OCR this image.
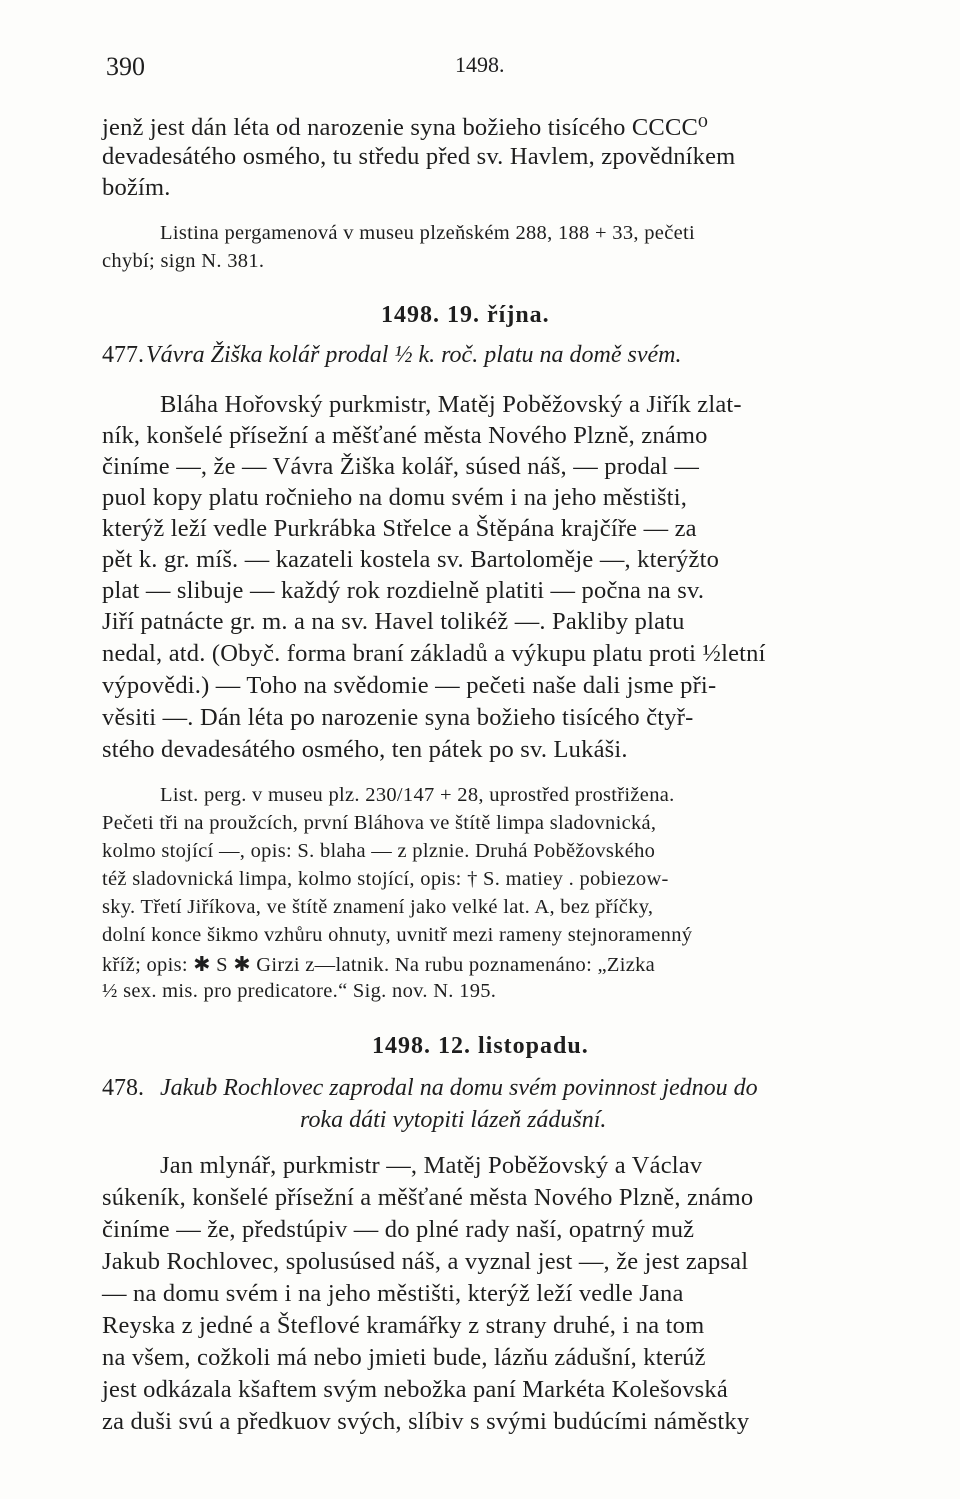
390	1498.
jenž jest dán léta od narozenie syna božieho tisícého CCCC⁰
devadesátého osmého, tu středu před sv. Havlem, zpovědníkem
božím.
Listina pergamenová v museu plzeňském 288, 188 + 33, pečeti
chybí; sign N. 381.
1498. 19. října.
477. Vávra Žiška kolář prodal ½ k. roč. platu na domě svém.
Bláha Hořovský purkmistr, Matěj Poběžovský a Jiřík zlat-
ník, konšelé přísežní a měšťané města Nového Plzně, známo
činíme —, že — Vávra Žiška kolář, súsed náš, — prodal —
puol kopy platu ročnieho na domu svém i na jeho městišti,
kterýž leží vedle Purkrábka Střelce a Štěpána krajčíře — za
pět k. gr. míš. — kazateli kostela sv. Bartoloměje —, kterýžto
plat — slibuje — každý rok rozdielně platiti — počna na sv.
Jiří patnácte gr. m. a na sv. Havel tolikéž —. Pakliby platu
nedal, atd. (Obyč. forma braní základů a výkupu platu proti ½letní
výpovědi.) — Toho na svědomie — pečeti naše dali jsme při-
věsiti —. Dán léta po narozenie syna božieho tisícého čtyř-
stého devadesátého osmého, ten pátek po sv. Lukáši.
List. perg. v museu plz. 230/147 + 28, uprostřed prostřižena.
Pečeti tři na proužcích, první Bláhova ve štítě limpa sladovnická,
kolmo stojící —, opis: S. blaha — z plznie. Druhá Poběžovského
též sladovnická limpa, kolmo stojící, opis: † S. matiey . pobiezow-
sky. Třetí Jiříkova, ve štítě znamení jako velké lat. A, bez příčky,
dolní konce šikmo vzhůru ohnuty, uvnitř mezi rameny stejnoramenný
kříž; opis: ✱ S ✱ Girzi z—latnik. Na rubu poznamenáno: „Zizka
½ sex. mis. pro predicatore.“ Sig. nov. N. 195.
1498. 12. listopadu.
478. Jakub Rochlovec zaprodal na domu svém povinnost jednou do
roka dáti vytopiti lázeň zádušní.
Jan mlynář, purkmistr —, Matěj Poběžovský a Václav
súkeník, konšelé přísežní a měšťané města Nového Plzně, známo
činíme — že, předstúpiv — do plné rady naší, opatrný muž
Jakub Rochlovec, spolusúsed náš, a vyznal jest —, že jest zapsal
— na domu svém i na jeho městišti, kterýž leží vedle Jana
Reyska z jedné a Šteflové kramářky z strany druhé, i na tom
na všem, cožkoli má nebo jmieti bude, lázňu zádušní, kterúž
jest odkázala kšaftem svým nebožka paní Markéta Kolešovská
za duši svú a předkuov svých, slíbiv s svými budúcími náměstky
